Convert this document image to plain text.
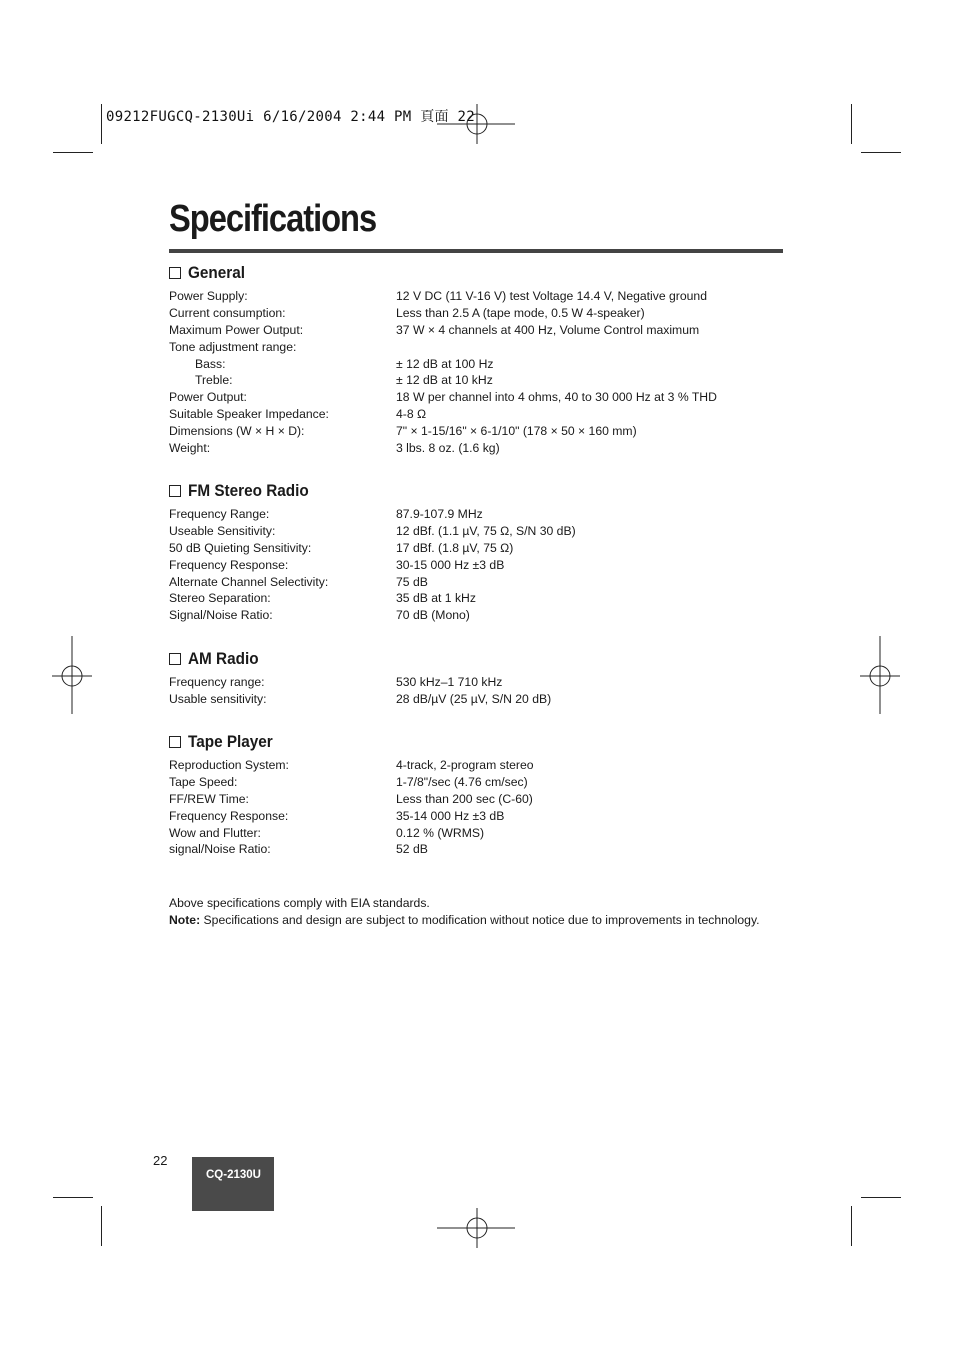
09212FUGCQ-2130Ui 6/16/2004 2:44 PM 頁面 22
Specifications
General
Power Supply:	12 V DC (11 V-16 V) test Voltage 14.4 V, Negative ground
Current consumption:	Less than 2.5 A (tape mode, 0.5 W 4-speaker)
Maximum Power Output:	37 W × 4 channels at 400 Hz, Volume Control maximum
Tone adjustment range:
Bass:	± 12 dB at 100 Hz
Treble:	± 12 dB at 10 kHz
Power Output:	18 W per channel into 4 ohms, 40 to 30 000 Hz at 3 % THD
Suitable Speaker Impedance:	4-8 Ω
Dimensions (W × H × D):	7" × 1-15/16" × 6-1/10" (178 × 50 × 160 mm)
Weight:	3 lbs. 8 oz. (1.6 kg)
FM Stereo Radio
Frequency Range:	87.9-107.9 MHz
Useable Sensitivity:	12 dBf. (1.1 µV, 75 Ω, S/N 30 dB)
50 dB Quieting Sensitivity:	17 dBf. (1.8 µV, 75 Ω)
Frequency Response:	30-15 000 Hz ±3 dB
Alternate Channel Selectivity:	75 dB
Stereo Separation:	35 dB at 1 kHz
Signal/Noise Ratio:	70 dB (Mono)
AM Radio
Frequency range:	530 kHz–1 710 kHz
Usable sensitivity:	28 dB/µV (25 µV, S/N 20 dB)
Tape Player
Reproduction System:	4-track, 2-program stereo
Tape Speed:	1-7/8"/sec (4.76 cm/sec)
FF/REW Time:	Less than 200 sec (C-60)
Frequency Response:	35-14 000 Hz ±3 dB
Wow and Flutter:	0.12 % (WRMS)
signal/Noise Ratio:	52 dB
Above specifications comply with EIA standards.
Note: Specifications and design are subject to modification without notice due to improvements in technology.
22
CQ-2130U
